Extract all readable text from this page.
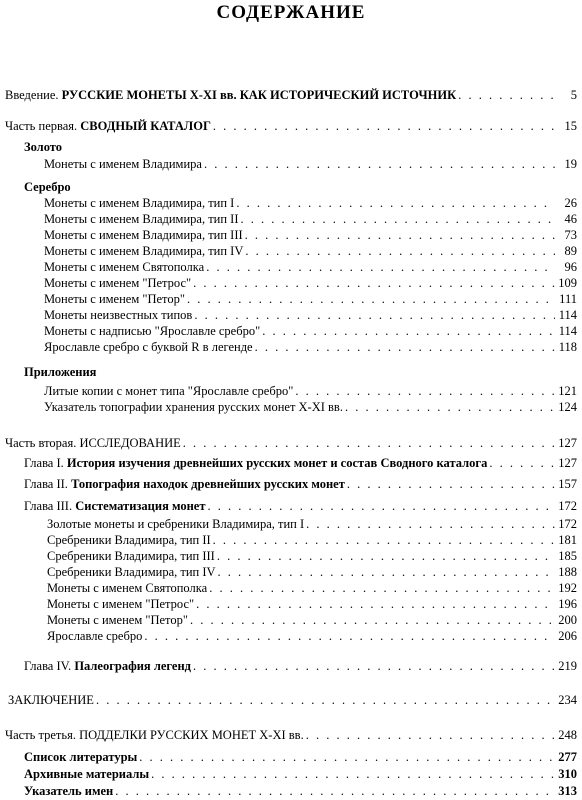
СОДЕРЖАНИЕ
Введение. РУССКИЕ МОНЕТЫ X-XI вв. КАК ИСТОРИЧЕСКИЙ ИСТОЧНИК . . .	5
Часть первая. СВОДНЫЙ КАТАЛОГ . . .	15
Золото
Монеты с именем Владимира . . .	19
Серебро
Монеты с именем Владимира, тип I . . .	26
Монеты с именем Владимира, тип II . . .	46
Монеты с именем Владимира, тип III . . .	73
Монеты с именем Владимира, тип IV . . .	89
Монеты с именем Святополка . . .	96
Монеты с именем "Петрос" . . .	109
Монеты с именем "Петор" . . .	111
Монеты неизвестных типов . . .	114
Монеты с надписью "Ярославле сребро" . . .	114
Ярославле сребро с буквой R в легенде . . .	118
Приложения
Литые копии с монет типа "Ярославле сребро" . . .	121
Указатель топографии хранения русских монет X-XI вв. . . .	124
Часть вторая. ИССЛЕДОВАНИЕ . . .	127
Глава I. История изучения древнейших русских монет и состав Сводного каталога . . .	127
Глава II. Топография находок древнейших русских монет . . .	157
Глава III. Систематизация монет . . .	172
Золотые монеты и сребреники Владимира, тип I . . .	172
Сребреники Владимира, тип II . . .	181
Сребреники Владимира, тип III . . .	185
Сребреники Владимира, тип IV . . .	188
Монеты с именем Святополка . . .	192
Монеты с именем "Петрос" . . .	196
Монеты с именем "Петор" . . .	200
Ярославле сребро . . .	206
Глава IV. Палеография легенд . . .	219
ЗАКЛЮЧЕНИЕ . . .	234
Часть третья. ПОДДЕЛКИ РУССКИХ МОНЕТ X-XI вв. . . .	248
Список литературы . . .	277
Архивные материалы . . .	310
Указатель имен . . .	313
